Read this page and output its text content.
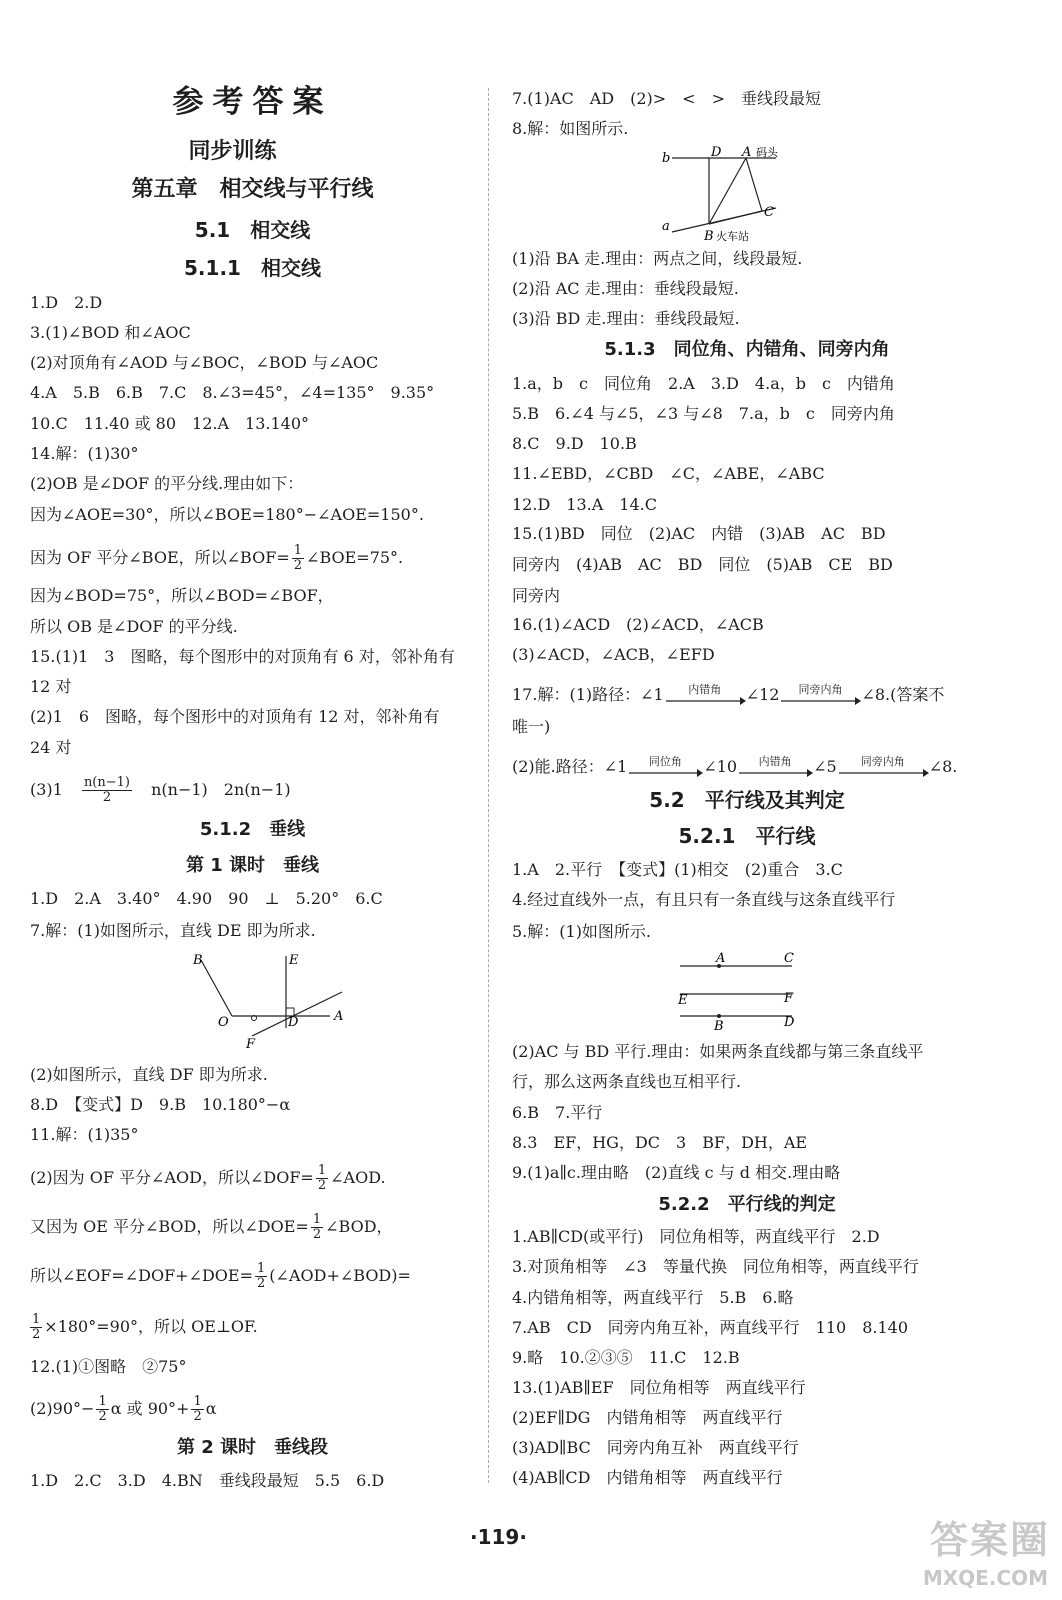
参考答案
同步训练
第五章　相交线与平行线
5.1　相交线
5.1.1　相交线
1.D　2.D
3.(1)∠BOD 和∠AOC
(2)对顶角有∠AOD 与∠BOC，∠BOD 与∠AOC
4.A　5.B　6.B　7.C　8.∠3=45°，∠4=135°　9.35°
10.C　11.40 或 80　12.A　13.140°
14.解：(1)30°
(2)OB 是∠DOF 的平分线.理由如下：
因为∠AOE=30°，所以∠BOE=180°−∠AOE=150°.
因为 OF 平分∠BOE，所以∠BOF= $\frac{1}{2}$ ∠BOE=75°.
因为∠BOD=75°，所以∠BOD=∠BOF，
所以 OB 是∠DOF 的平分线.
15.(1)1　3　图略，每个图形中的对顶角有 6 对，邻补角有
12 对
(2)1　6　图略，每个图形中的对顶角有 12 对，邻补角有
24 对
$(3)1 \frac{n(n-1)}{2} n(n-1)$　2n(n−1)
5.1.2　垂线
第 1 课时　垂线
1.D　2.A　3.40°　4.90　90　⊥　5.20°　6.C
7.解：(1)如图所示，直线 DE 即为所求.
B	E
O	D	A
F
(2)如图所示，直线 DF 即为所求.
8.D　【变式】D　9.B　10.180°−α
11.解：(1)35°
(2)因为 OF 平分∠AOD，所以∠DOF= $\frac{1}{2}$ ∠AOD.
又因为 OE 平分∠BOD，所以∠DOE= $\frac{1}{2}$ ∠BOD，
所以∠EOF=∠DOF+∠DOE= $\frac{1}{2}$ (∠AOD+∠BOD)=
$\frac{1}{2} \times 180^\circ=90^\circ$，所以 OE⊥OF.
12.(1)①图略　②75°
$(2)90^\circ- \frac{1}{2}$ α 或 $90^\circ+ \frac{1}{2}$ α
第 2 课时　垂线段
1.D　2.C　3.D　4.BN　垂线段最短　5.5　6.D
7.(1)AC　AD　(2)>　<　>　垂线段最短
8.解：如图所示.
b	D A 码头
a
C
B 火车站
(1)沿 BA 走.理由：两点之间，线段最短.
(2)沿 AC 走.理由：垂线段最短.
(3)沿 BD 走.理由：垂线段最短.
5.1.3　同位角、内错角、同旁内角
1.a，b　c　同位角　2.A　3.D　4.a，b　c　内错角
5.B　6.∠4 与∠5，∠3 与∠8　7.a，b　c　同旁内角
8.C　9.D　10.B
11.∠EBD，∠CBD　∠C，∠ABE，∠ABC
12.D　13.A　14.C
15.(1)BD　同位　(2)AC　内错　(3)AB　AC　BD
同旁内　(4)AB　AC　BD　同位　(5)AB　CE　BD
同旁内
16.(1)∠ACD　(2)∠ACD，∠ACB
(3)∠ACD，∠ACB，∠EFD
17.解：(1)路径：∠1	内错角	∠12	同旁内角	∠8.(答案不
唯一)
(2)能.路径：∠1	同位角	∠10	内错角	∠5	同旁内角	∠8.
5.2　平行线及其判定
5.2.1　平行线
1.A　2.平行　【变式】(1)相交　(2)重合　3.C
4.经过直线外一点，有且只有一条直线与这条直线平行
5.解：(1)如图所示.
A	C
E	F
B	D
(2)AC 与 BD 平行.理由：如果两条直线都与第三条直线平
行，那么这两条直线也互相平行.
6.B　7.平行
8.3　EF，HG，DC　3　BF，DH，AE
9.(1)a∥c.理由略　(2)直线 c 与 d 相交.理由略
5.2.2　平行线的判定
1.AB∥CD(或平行)　同位角相等，两直线平行　2.D
3.对顶角相等　∠3　等量代换　同位角相等，两直线平行
4.内错角相等，两直线平行　5.B　6.略
7.AB　CD　同旁内角互补，两直线平行　110　8.140
9.略　10.②③⑤　11.C　12.B
13.(1)AB∥EF　同位角相等　两直线平行
(2)EF∥DG　内错角相等　两直线平行
(3)AD∥BC　同旁内角互补　两直线平行
(4)AB∥CD　内错角相等　两直线平行
·119·	答案圈
MXQE.COM
